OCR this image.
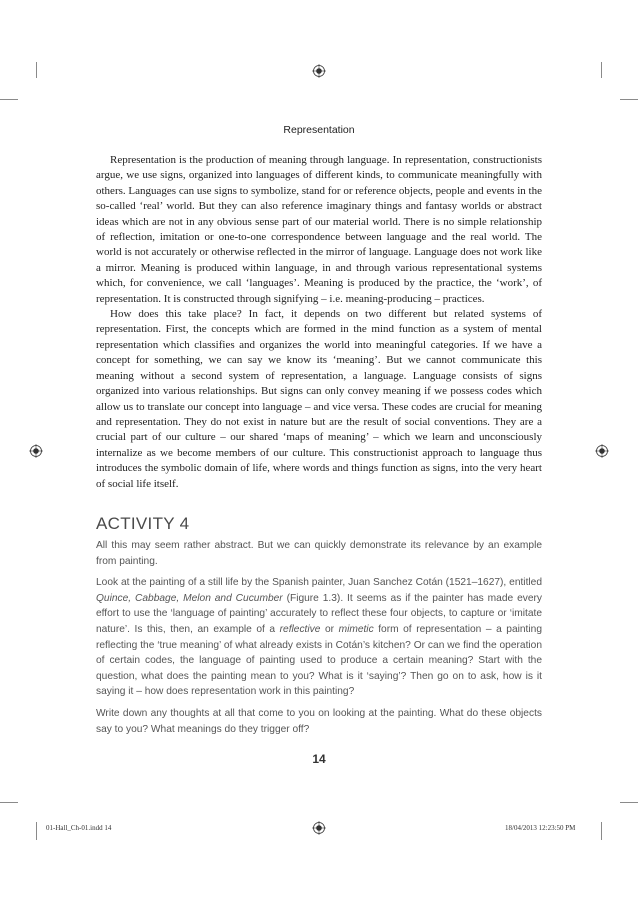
Representation

Representation is the production of meaning through language. In representation, constructionists argue, we use signs, organized into languages of different kinds, to communicate meaningfully with others. Languages can use signs to symbolize, stand for or reference objects, people and events in the so-called ‘real’ world. But they can also reference imaginary things and fantasy worlds or abstract ideas which are not in any obvious sense part of our material world. There is no simple relationship of reflection, imitation or one-to-one correspondence between language and the real world. The world is not accurately or otherwise reflected in the mirror of language. Language does not work like a mirror. Meaning is produced within language, in and through various representational systems which, for convenience, we call ‘languages’. Meaning is produced by the practice, the ‘work’, of representation. It is constructed through signifying – i.e. meaning-producing – practices.

How does this take place? In fact, it depends on two different but related systems of representation. First, the concepts which are formed in the mind function as a system of mental representation which classifies and organizes the world into meaningful categories. If we have a concept for something, we can say we know its ‘meaning’. But we cannot communicate this meaning without a second system of representation, a language. Language consists of signs organized into various relationships. But signs can only convey meaning if we possess codes which allow us to translate our concept into language – and vice versa. These codes are crucial for meaning and representation. They do not exist in nature but are the result of social conventions. They are a crucial part of our culture – our shared ‘maps of meaning’ – which we learn and unconsciously internalize as we become members of our culture. This constructionist approach to language thus introduces the symbolic domain of life, where words and things function as signs, into the very heart of social life itself.

ACTIVITY 4

All this may seem rather abstract. But we can quickly demonstrate its relevance by an example from painting.

Look at the painting of a still life by the Spanish painter, Juan Sanchez Cotán (1521–1627), entitled Quince, Cabbage, Melon and Cucumber (Figure 1.3). It seems as if the painter has made every effort to use the ‘language of painting’ accurately to reflect these four objects, to capture or ‘imitate nature’. Is this, then, an example of a reflective or mimetic form of representation – a painting reflecting the ‘true meaning’ of what already exists in Cotán’s kitchen? Or can we find the operation of certain codes, the language of painting used to produce a certain meaning? Start with the question, what does the painting mean to you? What is it ‘saying’? Then go on to ask, how is it saying it – how does representation work in this painting?

Write down any thoughts at all that come to you on looking at the painting. What do these objects say to you? What meanings do they trigger off?

14
01-Hall_Ch-01.indd 14	18/04/2013 12:23:50 PM
